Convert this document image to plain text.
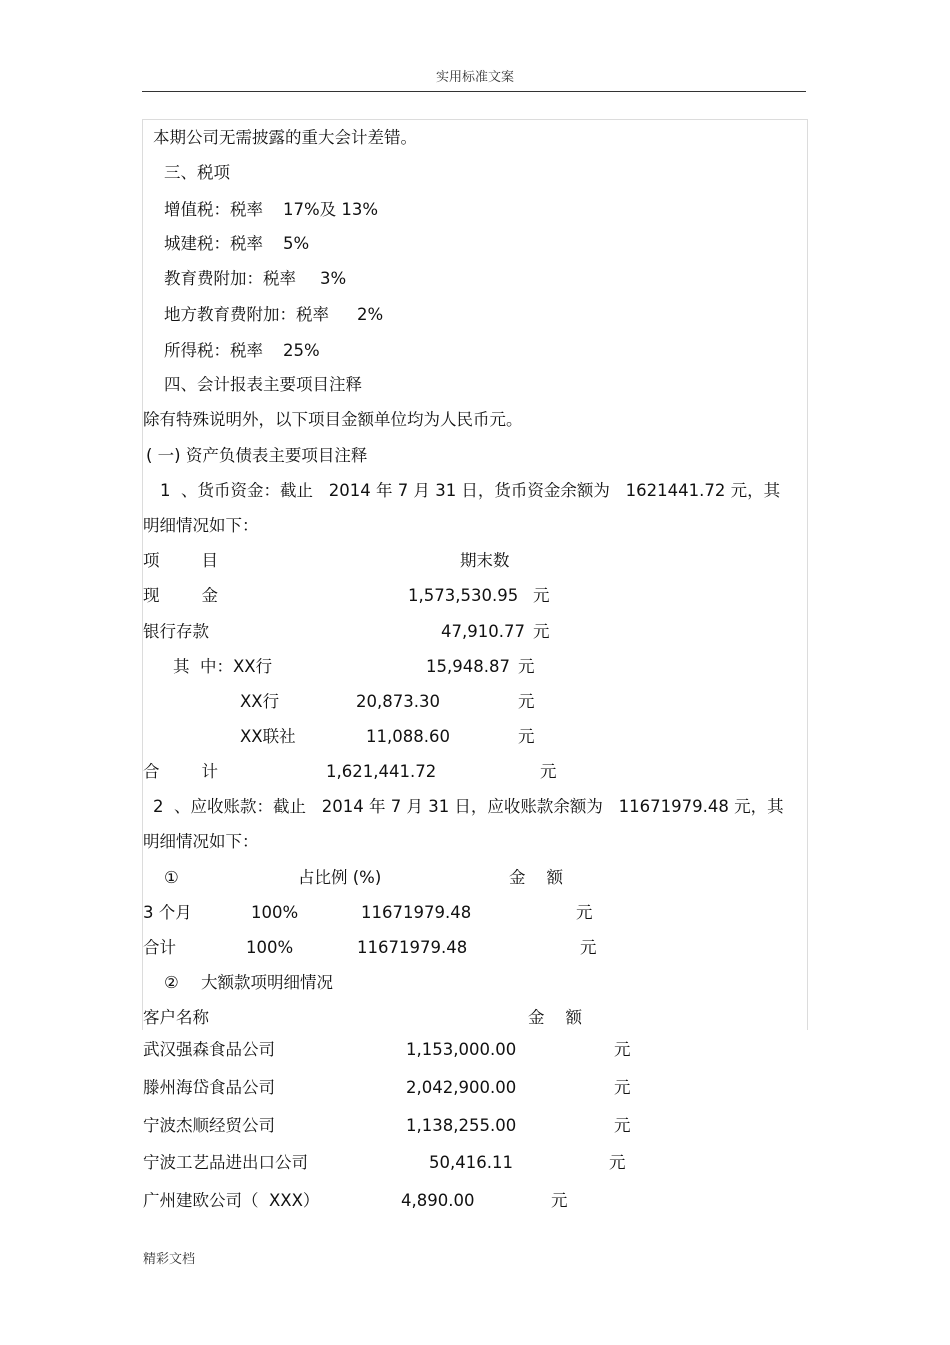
实用标准文案
本期公司无需披露的重大会计差错。
三、税项
增值税：税率 17%及 13%
城建税：税率 5%
教育费附加：税率 3%
地方教育费附加：税率 2%
所得税：税率 25%
四、会计报表主要项目注释
除有特殊说明外，以下项目金额单位均为人民币元。
( 一) 资产负债表主要项目注释
1  、货币资金：截止   2014 年 7 月 31 日，货币资金余额为   1621441.72 元，其
明细情况如下：
项        目	期末数
现        金	1,573,530.95 元
银行存款	47,910.77 元
其  中：XX行	15,948.87 元
XX行	20,873.30	元
XX联社	11,088.60	元
合        计	1,621,441.72	元
2  、应收账款：截止   2014 年 7 月 31 日，应收账款余额为   11671979.48 元，其
明细情况如下：
①	占比例 (%)	金    额
3 个月	100%	11671979.48	元
合计	100%	11671979.48	元
② 大额款项明细情况
客户名称	金    额
武汉强森食品公司	1,153,000.00	元
滕州海岱食品公司	2,042,900.00	元
宁波杰顺经贸公司	1,138,255.00	元
宁波工艺品进出口公司	50,416.11	元
广州建欧公司（  XXX）	4,890.00	元
精彩文档
